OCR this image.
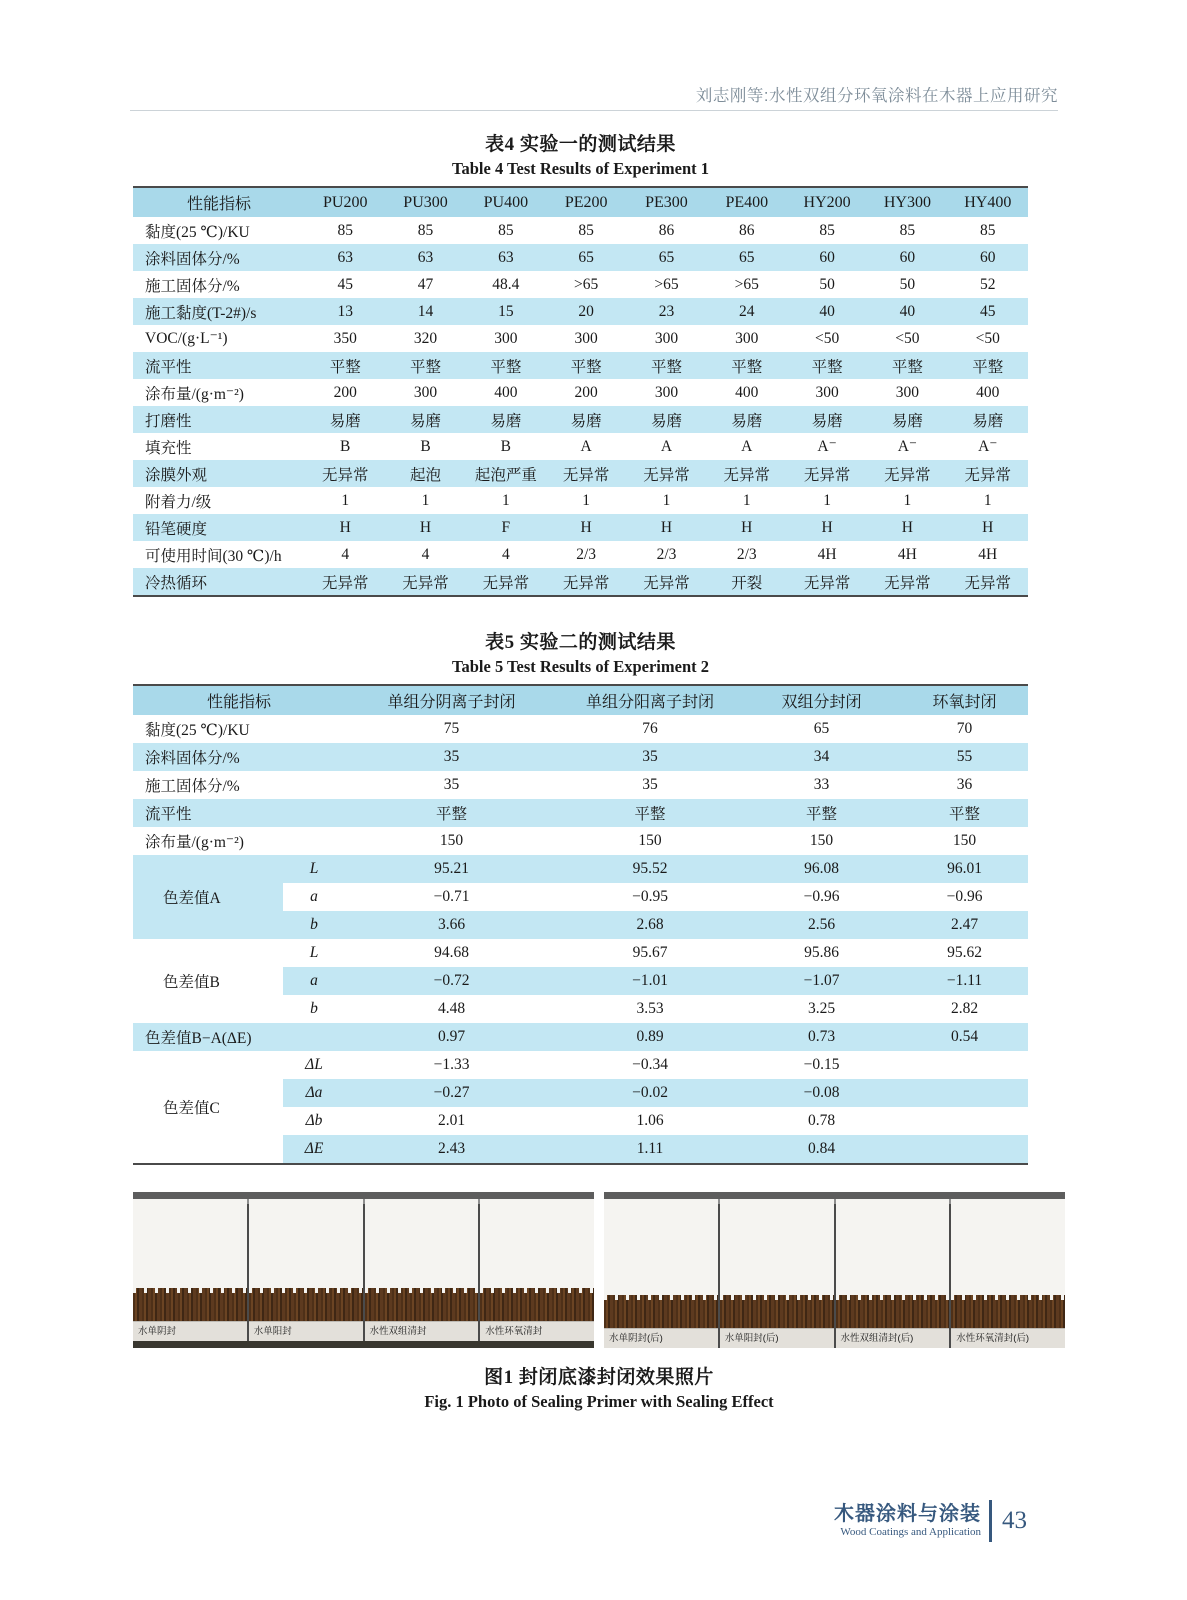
刘志刚等:水性双组分环氧涂料在木器上应用研究
表4 实验一的测试结果
Table 4 Test Results of Experiment 1
性能指标	PU200	PU300	PU400	PE200	PE300	PE400	HY200	HY300	HY400
黏度(25 ℃)/KU	85	85	85	85	86	86	85	85	85
涂料固体分/%	63	63	63	65	65	65	60	60	60
施工固体分/%	45	47	48.4	>65	>65	>65	50	50	52
施工黏度(T-2#)/s	13	14	15	20	23	24	40	40	45
VOC/(g·L⁻¹)	350	320	300	300	300	300	<50	<50	<50
流平性	平整	平整	平整	平整	平整	平整	平整	平整	平整
涂布量/(g·m⁻²)	200	300	400	200	300	400	300	300	400
打磨性	易磨	易磨	易磨	易磨	易磨	易磨	易磨	易磨	易磨
填充性	B	B	B	A	A	A	A⁻	A⁻	A⁻
涂膜外观	无异常	起泡	起泡严重	无异常	无异常	无异常	无异常	无异常	无异常
附着力/级	1	1	1	1	1	1	1	1	1
铅笔硬度	H	H	F	H	H	H	H	H	H
可使用时间(30 ℃)/h	4	4	4	2/3	2/3	2/3	4H	4H	4H
冷热循环	无异常	无异常	无异常	无异常	无异常	开裂	无异常	无异常	无异常
表5 实验二的测试结果
Table 5 Test Results of Experiment 2
性能指标		单组分阴离子封闭	单组分阳离子封闭	双组分封闭	环氧封闭
黏度(25 ℃)/KU		75	76	65	70
涂料固体分/%		35	35	34	55
施工固体分/%		35	35	33	36
流平性		平整	平整	平整	平整
涂布量/(g·m⁻²)		150	150	150	150
色差值A	L	95.21	95.52	96.08	96.01
	a	−0.71	−0.95	−0.96	−0.96
	b	3.66	2.68	2.56	2.47
色差值B	L	94.68	95.67	95.86	95.62
	a	−0.72	−1.01	−1.07	−1.11
	b	4.48	3.53	3.25	2.82
色差值B−A(ΔE)		0.97	0.89	0.73	0.54
色差值C	ΔL	−1.33	−0.34	−0.15	
	Δa	−0.27	−0.02	−0.08	
	Δb	2.01	1.06	0.78	
	ΔE	2.43	1.11	0.84	
水单阴封	水单阳封	水性双组清封	水性环氧清封
水单阴封(后)	水单阳封(后)	水性双组清封(后)	水性环氧清封(后)
图1 封闭底漆封闭效果照片
Fig. 1 Photo of Sealing Primer with Sealing Effect
木器涂料与涂装
Wood Coatings and Application 43
